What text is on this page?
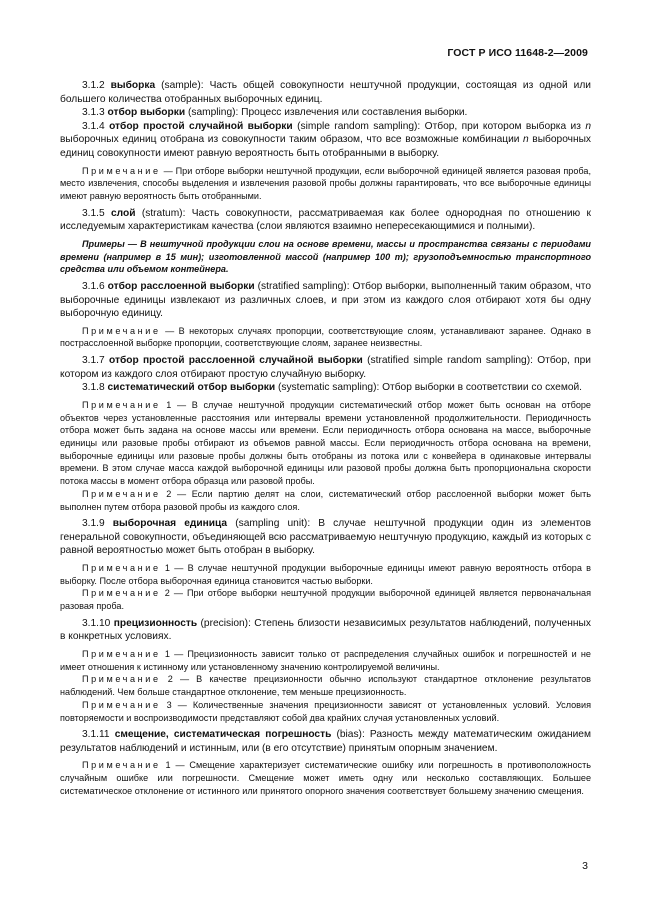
ГОСТ Р ИСО 11648-2—2009

3.1.2 выборка (sample): Часть общей совокупности нештучной продукции, состоящая из одной или большего количества отобранных выборочных единиц.

3.1.3 отбор выборки (sampling): Процесс извлечения или составления выборки.

3.1.4 отбор простой случайной выборки (simple random sampling): Отбор, при котором выборка из n выборочных единиц отобрана из совокупности таким образом, что все возможные комбинации n выборочных единиц совокупности имеют равную вероятность быть отобранными в выборку.

Примечание — При отборе выборки нештучной продукции, если выборочной единицей является разовая проба, место извлечения, способы выделения и извлечения разовой пробы должны гарантировать, что все выборочные единицы имеют равную вероятность быть отобранными.

3.1.5 слой (stratum): Часть совокупности, рассматриваемая как более однородная по отношению к исследуемым характеристикам качества (слои являются взаимно непересекающимися и полными).

Примеры — В нештучной продукции слои на основе времени, массы и пространства связаны с периодами времени (например в 15 мин); изготовленной массой (например 100 т); грузоподъемностью транспортного средства или объемом контейнера.

3.1.6 отбор расслоенной выборки (stratified sampling): Отбор выборки, выполненный таким образом, что выборочные единицы извлекают из различных слоев, и при этом из каждого слоя отбирают хотя бы одну выборочную единицу.

Примечание — В некоторых случаях пропорции, соответствующие слоям, устанавливают заранее. Однако в пострасслоенной выборке пропорции, соответствующие слоям, заранее неизвестны.

3.1.7 отбор простой расслоенной случайной выборки (stratified simple random sampling): Отбор, при котором из каждого слоя отбирают простую случайную выборку.

3.1.8 систематический отбор выборки (systematic sampling): Отбор выборки в соответствии со схемой.

Примечание 1 — В случае нештучной продукции систематический отбор может быть основан на отборе объектов через установленные расстояния или интервалы времени установленной продолжительности. Периодичность отбора может быть задана на основе массы или времени. Если периодичность отбора основана на массе, выборочные единицы или разовые пробы отбирают из объемов равной массы. Если периодичность отбора основана на времени, выборочные единицы или разовые пробы должны быть отобраны из потока или с конвейера в одинаковые интервалы времени. В этом случае масса каждой выборочной единицы или разовой пробы должна быть пропорциональна скорости потока массы в момент отбора образца или разовой пробы.

Примечание 2 — Если партию делят на слои, систематический отбор расслоенной выборки может быть выполнен путем отбора разовой пробы из каждого слоя.

3.1.9 выборочная единица (sampling unit): В случае нештучной продукции один из элементов генеральной совокупности, объединяющей всю рассматриваемую нештучную продукцию, каждый из которых с равной вероятностью может быть отобран в выборку.

Примечание 1 — В случае нештучной продукции выборочные единицы имеют равную вероятность отбора в выборку. После отбора выборочная единица становится частью выборки.

Примечание 2 — При отборе выборки нештучной продукции выборочной единицей является первоначальная разовая проба.

3.1.10 прецизионность (precision): Степень близости независимых результатов наблюдений, полученных в конкретных условиях.

Примечание 1 — Прецизионность зависит только от распределения случайных ошибок и погрешностей и не имеет отношения к истинному или установленному значению контролируемой величины.

Примечание 2 — В качестве прецизионности обычно используют стандартное отклонение результатов наблюдений. Чем больше стандартное отклонение, тем меньше прецизионность.

Примечание 3 — Количественные значения прецизионности зависят от установленных условий. Условия повторяемости и воспроизводимости представляют собой два крайних случая установленных условий.

3.1.11 смещение, систематическая погрешность (bias): Разность между математическим ожиданием результатов наблюдений и истинным, или (в его отсутствие) принятым опорным значением.

Примечание 1 — Смещение характеризует систематические ошибку или погрешность в противоположность случайным ошибке или погрешности. Смещение может иметь одну или несколько составляющих. Большее систематическое отклонение от истинного или принятого опорного значения соответствует большему значению смещения.

3
